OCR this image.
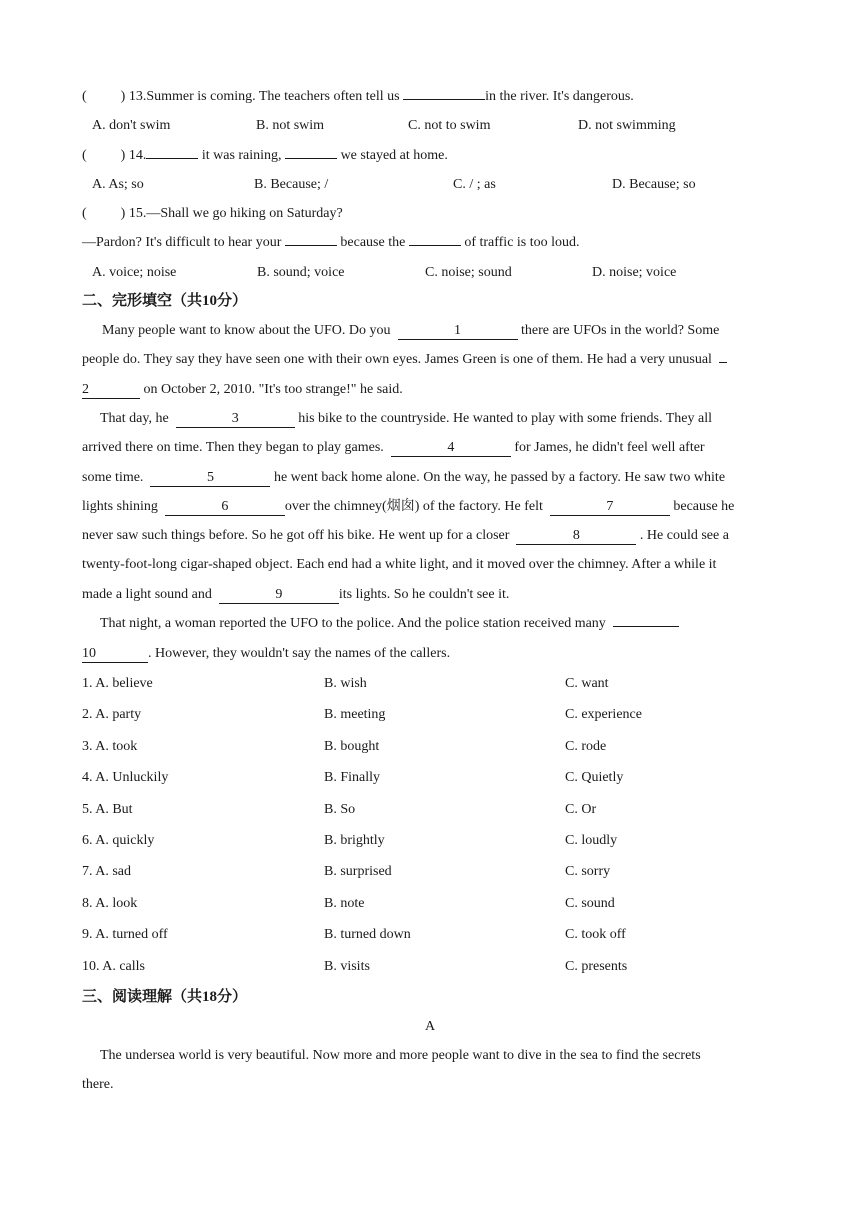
( ) 13.Summer is coming. The teachers often tell us	in the river. It's dangerous.
A. don't swim	B. not swim	C. not to swim	D. not swimming
( ) 14.	it was raining,	we stayed at home.
A. As; so	B. Because; /	C. / ; as	D. Because; so
( ) 15.—Shall we go hiking on Saturday?
—Pardon? It's difficult to hear your	because the	of traffic is too loud.
A. voice; noise	B. sound; voice	C. noise; sound	D. noise; voice
二、完形填空（共10分）
Many people want to know about the UFO. Do you	1	there are UFOs in the world? Some
people do. They say they have seen one with their own eyes. James Green is one of them. He had a very unusual
2	on October 2, 2010. "It's too strange!" he said.
That day, he	3	his bike to the countryside. He wanted to play with some friends. They all
arrived there on time. Then they began to play games.	4	for James, he didn't feel well after
some time.	5	he went back home alone. On the way, he passed by a factory. He saw two white
lights shining	6	over the chimney(烟囱) of the factory. He felt	7	because he
never saw such things before. So he got off his bike. He went up for a closer	8	. He could see a
twenty-foot-long cigar-shaped object. Each end had a white light, and it moved over the chimney. After a while it
made a light sound and	9	its lights. So he couldn't see it.
That night, a woman reported the UFO to the police. And the police station received many
10	. However, they wouldn't say the names of the callers.
1. A. believe	B. wish	C. want
2. A. party	B. meeting	C. experience
3. A. took	B. bought	C. rode
4. A. Unluckily	B. Finally	C. Quietly
5. A. But	B. So	C. Or
6. A. quickly	B. brightly	C. loudly
7. A. sad	B. surprised	C. sorry
8. A. look	B. note	C. sound
9. A. turned off	B. turned down	C. took off
10. A. calls	B. visits	C. presents
三、阅读理解（共18分）
A
The undersea world is very beautiful. Now more and more people want to dive in the sea to find the secrets
there.
